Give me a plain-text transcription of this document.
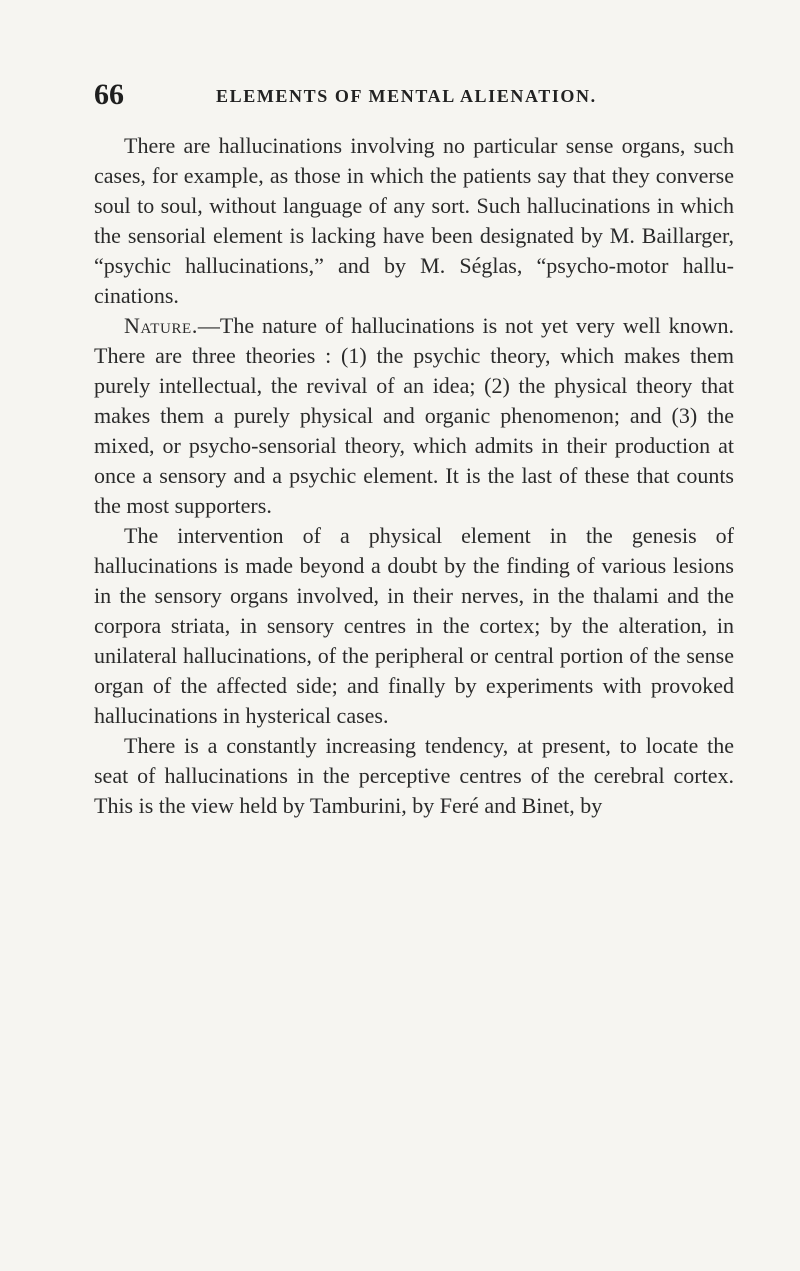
66	ELEMENTS OF MENTAL ALIENATION.

There are hallucinations involving no particular sense organs, such cases, for example, as those in which the patients say that they converse soul to soul, without language of any sort. Such hallucinations in which the sensorial element is lacking have been designated by M. Baillarger, “psychic hallucinations,” and by M. Séglas, “psycho-motor hallucinations.

Nature.—The nature of hallucinations is not yet very well known. There are three theories : (1) the psychic theory, which makes them purely intellectual, the revival of an idea; (2) the physical theory that makes them a purely physical and organic phenomenon; and (3) the mixed, or psycho-sensorial theory, which admits in their production at once a sensory and a psychic element. It is the last of these that counts the most supporters.

The intervention of a physical element in the genesis of hallucinations is made beyond a doubt by the finding of various lesions in the sensory organs involved, in their nerves, in the thalami and the corpora striata, in sensory centres in the cortex; by the alteration, in unilateral hallucinations, of the peripheral or central portion of the sense organ of the affected side; and finally by experiments with provoked hallucinations in hysterical cases.

There is a constantly increasing tendency, at present, to locate the seat of hallucinations in the perceptive centres of the cerebral cortex. This is the view held by Tamburini, by Feré and Binet, by
